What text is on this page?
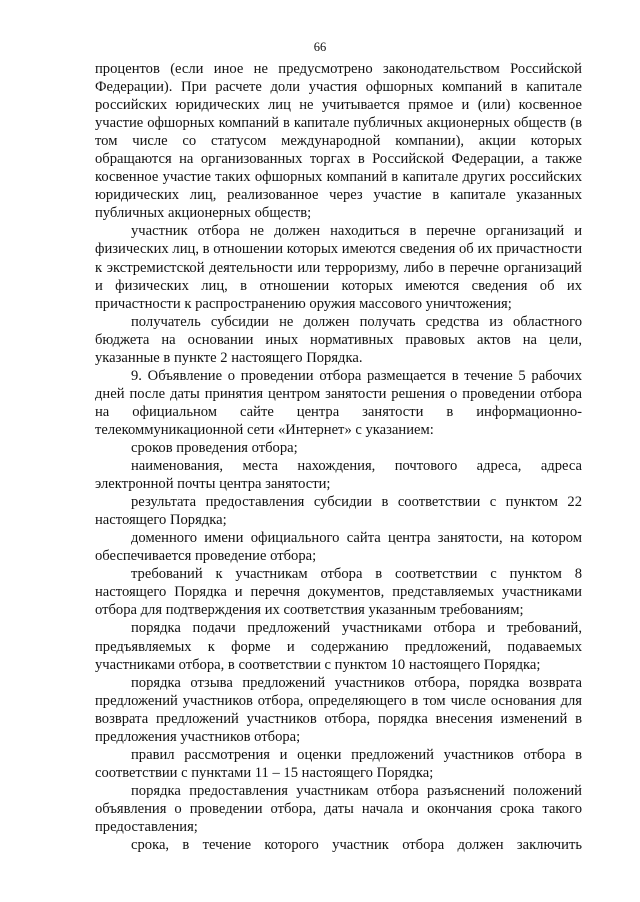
66

процентов (если иное не предусмотрено законодательством Российской Федерации). При расчете доли участия офшорных компаний в капитале российских юридических лиц не учитывается прямое и (или) косвенное участие офшорных компаний в капитале публичных акционерных обществ (в том числе со статусом международной компании), акции которых обращаются на организованных торгах в Российской Федерации, а также косвенное участие таких офшорных компаний в капитале других российских юридических лиц, реализованное через участие в капитале указанных публичных акционерных обществ;

участник отбора не должен находиться в перечне организаций и физических лиц, в отношении которых имеются сведения об их причастности к экстремистской деятельности или терроризму, либо в перечне организаций и физических лиц, в отношении которых имеются сведения об их причастности к распространению оружия массового уничтожения;

получатель субсидии не должен получать средства из областного бюджета на основании иных нормативных правовых актов на цели, указанные в пункте 2 настоящего Порядка.

9. Объявление о проведении отбора размещается в течение 5 рабочих дней после даты принятия центром занятости решения о проведении отбора на официальном сайте центра занятости в информационно-телекоммуникационной сети «Интернет» с указанием:

сроков проведения отбора;

наименования, места нахождения, почтового адреса, адреса электронной почты центра занятости;

результата предоставления субсидии в соответствии с пунктом 22 настоящего Порядка;

доменного имени официального сайта центра занятости, на котором обеспечивается проведение отбора;

требований к участникам отбора в соответствии с пунктом 8 настоящего Порядка и перечня документов, представляемых участниками отбора для подтверждения их соответствия указанным требованиям;

порядка подачи предложений участниками отбора и требований, предъявляемых к форме и содержанию предложений, подаваемых участниками отбора, в соответствии с пунктом 10 настоящего Порядка;

порядка отзыва предложений участников отбора, порядка возврата предложений участников отбора, определяющего в том числе основания для возврата предложений участников отбора, порядка внесения изменений в предложения участников отбора;

правил рассмотрения и оценки предложений участников отбора в соответствии с пунктами 11 – 15 настоящего Порядка;

порядка предоставления участникам отбора разъяснений положений объявления о проведении отбора, даты начала и окончания срока такого предоставления;

срока, в течение которого участник отбора должен заключить
